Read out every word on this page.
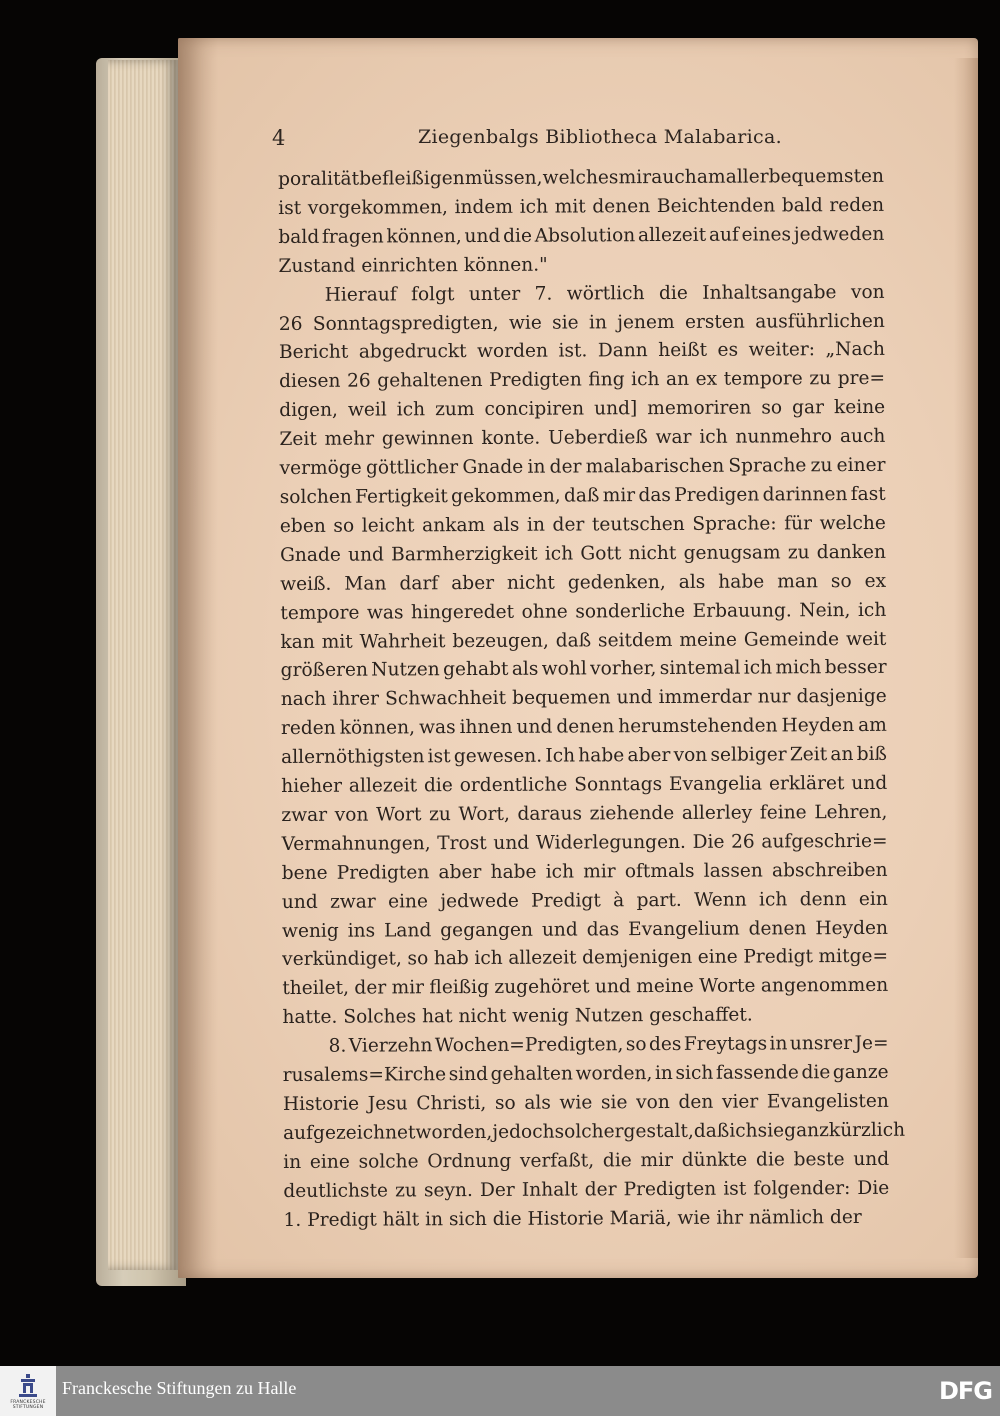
4	Ziegenbalgs Bibliotheca Malabarica.
poralität befleißigen müssen, welches mir auch am allerbequemsten
ist vorgekommen, indem ich mit denen Beichtenden bald reden
bald fragen können, und die Absolution allezeit auf eines jedweden
Zustand einrichten können."
Hierauf folgt unter 7. wörtlich die Inhaltsangabe von
26 Sonntagspredigten, wie sie in jenem ersten ausführlichen
Bericht abgedruckt worden ist. Dann heißt es weiter: „Nach
diesen 26 gehaltenen Predigten fing ich an ex tempore zu pre=
digen, weil ich zum concipiren und] memoriren so gar keine
Zeit mehr gewinnen konte. Ueberdieß war ich nunmehro auch
vermöge göttlicher Gnade in der malabarischen Sprache zu einer
solchen Fertigkeit gekommen, daß mir das Predigen darinnen fast
eben so leicht ankam als in der teutschen Sprache: für welche
Gnade und Barmherzigkeit ich Gott nicht genugsam zu danken
weiß. Man darf aber nicht gedenken, als habe man so ex
tempore was hingeredet ohne sonderliche Erbauung. Nein, ich
kan mit Wahrheit bezeugen, daß seitdem meine Gemeinde weit
größeren Nutzen gehabt als wohl vorher, sintemal ich mich besser
nach ihrer Schwachheit bequemen und immerdar nur dasjenige
reden können, was ihnen und denen herumstehenden Heyden am
allernöthigsten ist gewesen. Ich habe aber von selbiger Zeit an biß
hieher allezeit die ordentliche Sonntags Evangelia erkläret und
zwar von Wort zu Wort, daraus ziehende allerley feine Lehren,
Vermahnungen, Trost und Widerlegungen. Die 26 aufgeschrie=
bene Predigten aber habe ich mir oftmals lassen abschreiben
und zwar eine jedwede Predigt à part. Wenn ich denn ein
wenig ins Land gegangen und das Evangelium denen Heyden
verkündiget, so hab ich allezeit demjenigen eine Predigt mitge=
theilet, der mir fleißig zugehöret und meine Worte angenommen
hatte. Solches hat nicht wenig Nutzen geschaffet.
8. Vierzehn Wochen=Predigten, so des Freytags in unsrer Je=
rusalems=Kirche sind gehalten worden, in sich fassende die ganze
Historie Jesu Christi, so als wie sie von den vier Evangelisten
aufgezeichnet worden, jedoch solchergestalt, daß ich sie ganz kürzlich
in eine solche Ordnung verfaßt, die mir dünkte die beste und
deutlichste zu seyn. Der Inhalt der Predigten ist folgender: Die
1. Predigt hält in sich die Historie Mariä, wie ihr nämlich der
FRANCKESCHE STIFTUNGEN
Franckesche Stiftungen zu Halle	DFG
